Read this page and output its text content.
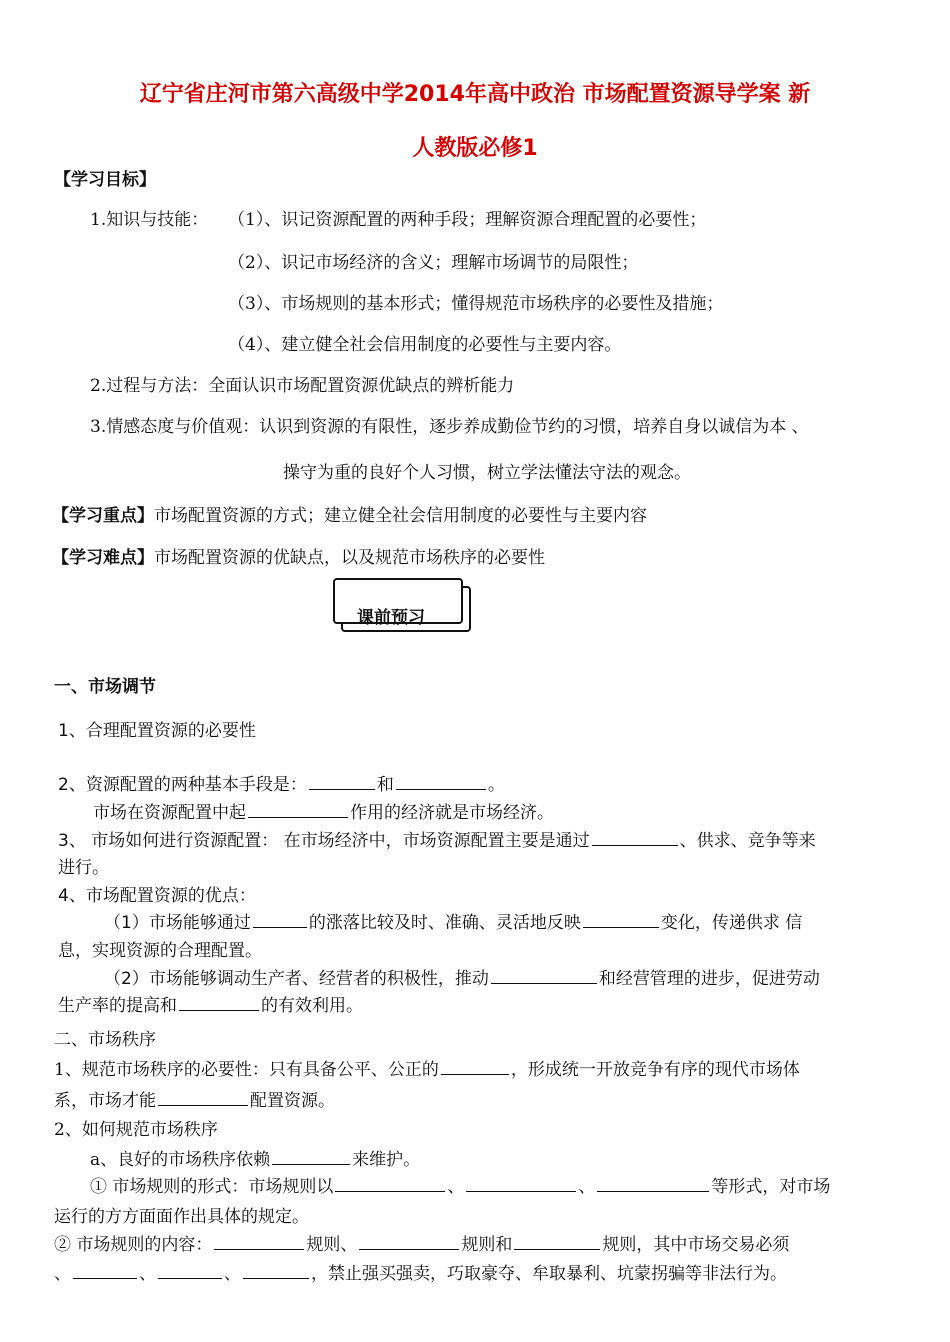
辽宁省庄河市第六高级中学2014年高中政治 市场配置资源导学案 新
人教版必修1
【学习目标】
1.知识与技能： （1）、识记资源配置的两种手段；理解资源合理配置的必要性；
（2）、识记市场经济的含义；理解市场调节的局限性；
（3）、市场规则的基本形式；懂得规范市场秩序的必要性及措施；
（4）、建立健全社会信用制度的必要性与主要内容。
2.过程与方法：全面认识市场配置资源优缺点的辨析能力
3.情感态度与价值观：认识到资源的有限性，逐步养成勤俭节约的习惯，培养自身以诚信为本 、
操守为重的良好个人习惯，树立学法懂法守法的观念。
【学习重点】市场配置资源的方式；建立健全社会信用制度的必要性与主要内容
【学习难点】市场配置资源的优缺点，以及规范市场秩序的必要性
课前预习
一、市场调节
1、合理配置资源的必要性
2、资源配置的两种基本手段是：	和	。
市场在资源配置中起	作用的经济就是市场经济。
3、 市场如何进行资源配置： 在市场经济中，市场资源配置主要是通过	、供求、竞争等来
进行。
4、市场配置资源的优点：
（1）市场能够通过	的涨落比较及时、准确、灵活地反映	变化，传递供求 信
息，实现资源的合理配置。
（2）市场能够调动生产者、经营者的积极性，推动	和经营管理的进步，促进劳动
生产率的提高和	的有效利用。
二、市场秩序
1、规范市场秩序的必要性：只有具备公平、公正的	，形成统一开放竞争有序的现代市场体
系，市场才能	配置资源。
2、如何规范市场秩序
a、良好的市场秩序依赖	来维护。
① 市场规则的形式：市场规则以	、	、	等形式，对市场
运行的方方面面作出具体的规定。
② 市场规则的内容：	规则、	规则和	规则，其中市场交易必须
、	、	、	，禁止强买强卖，巧取豪夺、牟取暴利、坑蒙拐骗等非法行为。
